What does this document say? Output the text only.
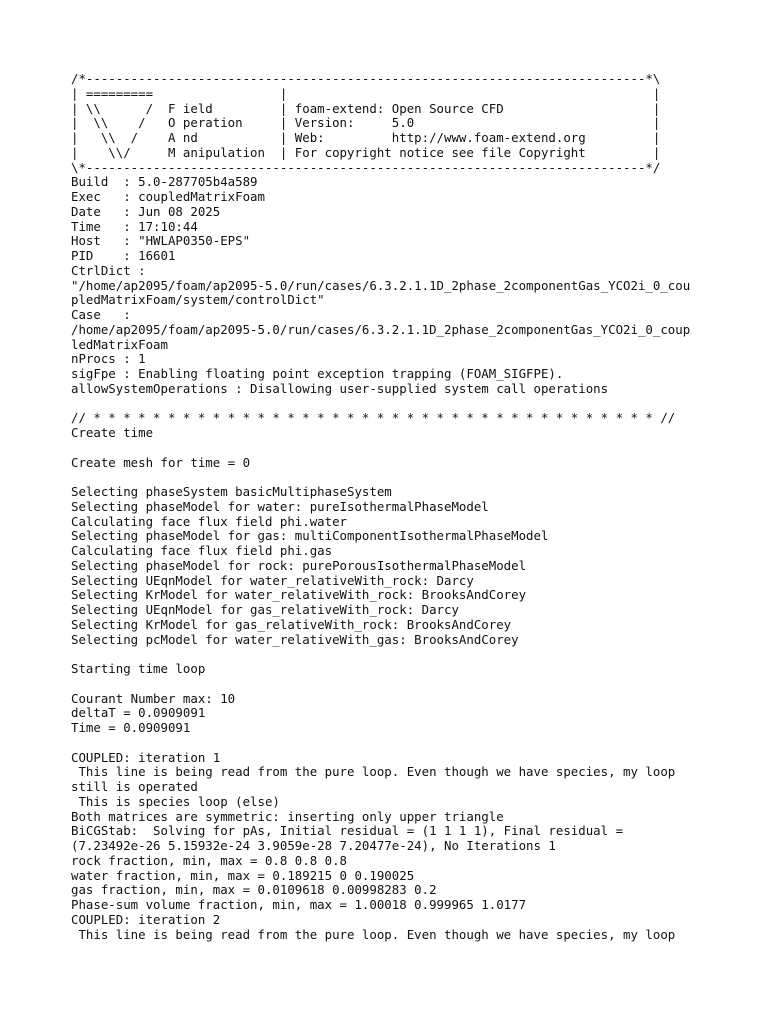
/*---------------------------------------------------------------------------*\
| =========                 |                                                 |
| \\      /  F ield         | foam-extend: Open Source CFD                    |
|  \\    /   O peration     | Version:     5.0                                |
|   \\  /    A nd           | Web:         http://www.foam-extend.org         |
|    \\/     M anipulation  | For copyright notice see file Copyright         |
\*---------------------------------------------------------------------------*/
Build  : 5.0-287705b4a589
Exec   : coupledMatrixFoam
Date   : Jun 08 2025
Time   : 17:10:44
Host   : "HWLAP0350-EPS"
PID    : 16601
CtrlDict :
"/home/ap2095/foam/ap2095-5.0/run/cases/6.3.2.1.1D_2phase_2componentGas_YCO2i_0_cou
pledMatrixFoam/system/controlDict"
Case   :
/home/ap2095/foam/ap2095-5.0/run/cases/6.3.2.1.1D_2phase_2componentGas_YCO2i_0_coup
ledMatrixFoam
nProcs : 1
sigFpe : Enabling floating point exception trapping (FOAM_SIGFPE).
allowSystemOperations : Disallowing user-supplied system call operations
// * * * * * * * * * * * * * * * * * * * * * * * * * * * * * * * * * * * * * * //
Create time
Create mesh for time = 0
Selecting phaseSystem basicMultiphaseSystem
Selecting phaseModel for water: pureIsothermalPhaseModel
Calculating face flux field phi.water
Selecting phaseModel for gas: multiComponentIsothermalPhaseModel
Calculating face flux field phi.gas
Selecting phaseModel for rock: purePorousIsothermalPhaseModel
Selecting UEqnModel for water_relativeWith_rock: Darcy
Selecting KrModel for water_relativeWith_rock: BrooksAndCorey
Selecting UEqnModel for gas_relativeWith_rock: Darcy
Selecting KrModel for gas_relativeWith_rock: BrooksAndCorey
Selecting pcModel for water_relativeWith_gas: BrooksAndCorey
Starting time loop
Courant Number max: 10
deltaT = 0.0909091
Time = 0.0909091
COUPLED: iteration 1
This line is being read from the pure loop. Even though we have species, my loop
still is operated
This is species loop (else)
Both matrices are symmetric: inserting only upper triangle
BiCGStab:  Solving for pAs, Initial residual = (1 1 1 1), Final residual =
(7.23492e-26 5.15932e-24 3.9059e-28 7.20477e-24), No Iterations 1
rock fraction, min, max = 0.8 0.8 0.8
water fraction, min, max = 0.189215 0 0.190025
gas fraction, min, max = 0.0109618 0.00998283 0.2
Phase-sum volume fraction, min, max = 1.00018 0.999965 1.0177
COUPLED: iteration 2
This line is being read from the pure loop. Even though we have species, my loop
